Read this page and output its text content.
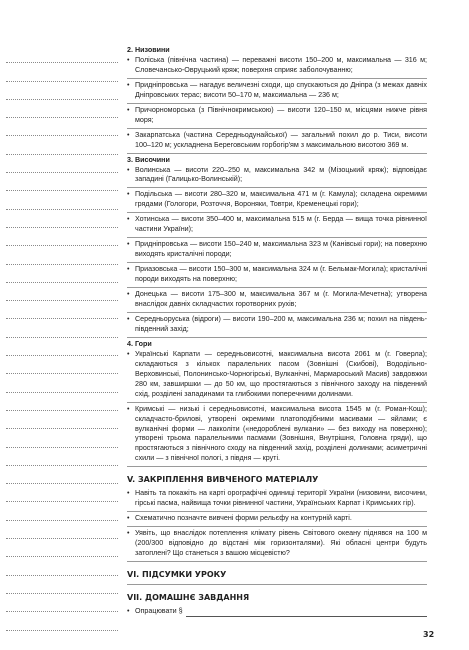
2. Низовини
• Поліська (північна частина) — переважні висоти 150–200 м, максимальна — 316 м; Словечансько-Овруцький кряж; поверхня сприяє заболочуванню;
• Придніпровська — нагадує величезні сходи, що спускаються до Дніпра (з межах давніх Дніпровських терас; висоти 50–170 м, максимальна — 236 м;
• Причорноморська (з Північнокримською) — висоти 120–150 м, місцями нижче рівня моря;
• Закарпатська (частина Середньодунайської) — загальний похил до р. Тиси, висоти 100–120 м; ускладнена Береговським горбогір'ям з максимальною висотою 369 м.
3. Височини
• Волинська — висоти 220–250 м, максимальна 342 м (Мізоцький кряж); відповідає западині (Галицько-Волинській);
• Подільська — висоти 280–320 м, максимальна 471 м (г. Камула); складена окремими грядами (Гологори, Розточчя, Вороняки, Товтри, Кременецькі гори);
• Хотинська — висоти 350–400 м, максимальна 515 м (г. Берда — вища точка рівнинної частини України);
• Придніпровська — висоти 150–240 м, максимальна 323 м (Канівські гори); на поверхню виходять кристалічні породи;
• Приазовська — висоти 150–300 м, максимальна 324 м (г. Бельмак-Могила); кристалічні породи виходять на поверхню;
• Донецька — висоти 175–300 м, максимальна 367 м (г. Могила-Мечетна); утворена внаслідок давніх складчастих горотворних рухів;
• Середньоруська (відроги) — висоти 190–200 м, максимальна 236 м; похил на південь-південний захід;
4. Гори
• Українські Карпати — середньовисотні, максимальна висота 2061 м (г. Говерла); складаються з кількох паралельних пасом (Зовнішні (Скибові), Вододільно-Верховинські, Полонинсько-Чорногірські, Вулканічні, Мармароський Масив) завдовжки 280 км, завширшки — до 50 км, що простягаються з північного заходу на південний схід, розділені западинами та глибокими поперечними долинами.
• Кримські — низькі і середньовисотні, максимальна висота 1545 м (г. Роман-Кош); складчасто-брилові, утворені окремими платоподібними масивами — яйлами; є вулканічні форми — лакколіти («недороблені вулкани» — без виходу на поверхню); утворені трьома паралельними пасмами (Зовнішня, Внутрішня, Головна гряди), що простягаються з північного сходу на південний захід, розділені долинами; асиметричні схили — з північної пологі, з півдня — круті.
V. ЗАКРІПЛЕННЯ ВИВЧЕНОГО МАТЕРІАЛУ
• Навіть та покажіть на карті орографічні одиниці території України (низовини, височини, гірські пасма, найвища точки рівнинної частини, Українських Карпат і Кримських гір).
• Схематично позначте вивчені форми рельєфу на контурній карті.
• Уявіть, що внаслідок потеплення клімату рівень Світового океану піднявся на 100 м (200/300 відповідно до відстані між горизонталями). Які обласні центри будуть затоплені? Що станеться з вашою місцевістю?
VI. ПІДСУМКИ УРОКУ
VII. ДОМАШНЄ ЗАВДАННЯ
• Опрацювати §
32
